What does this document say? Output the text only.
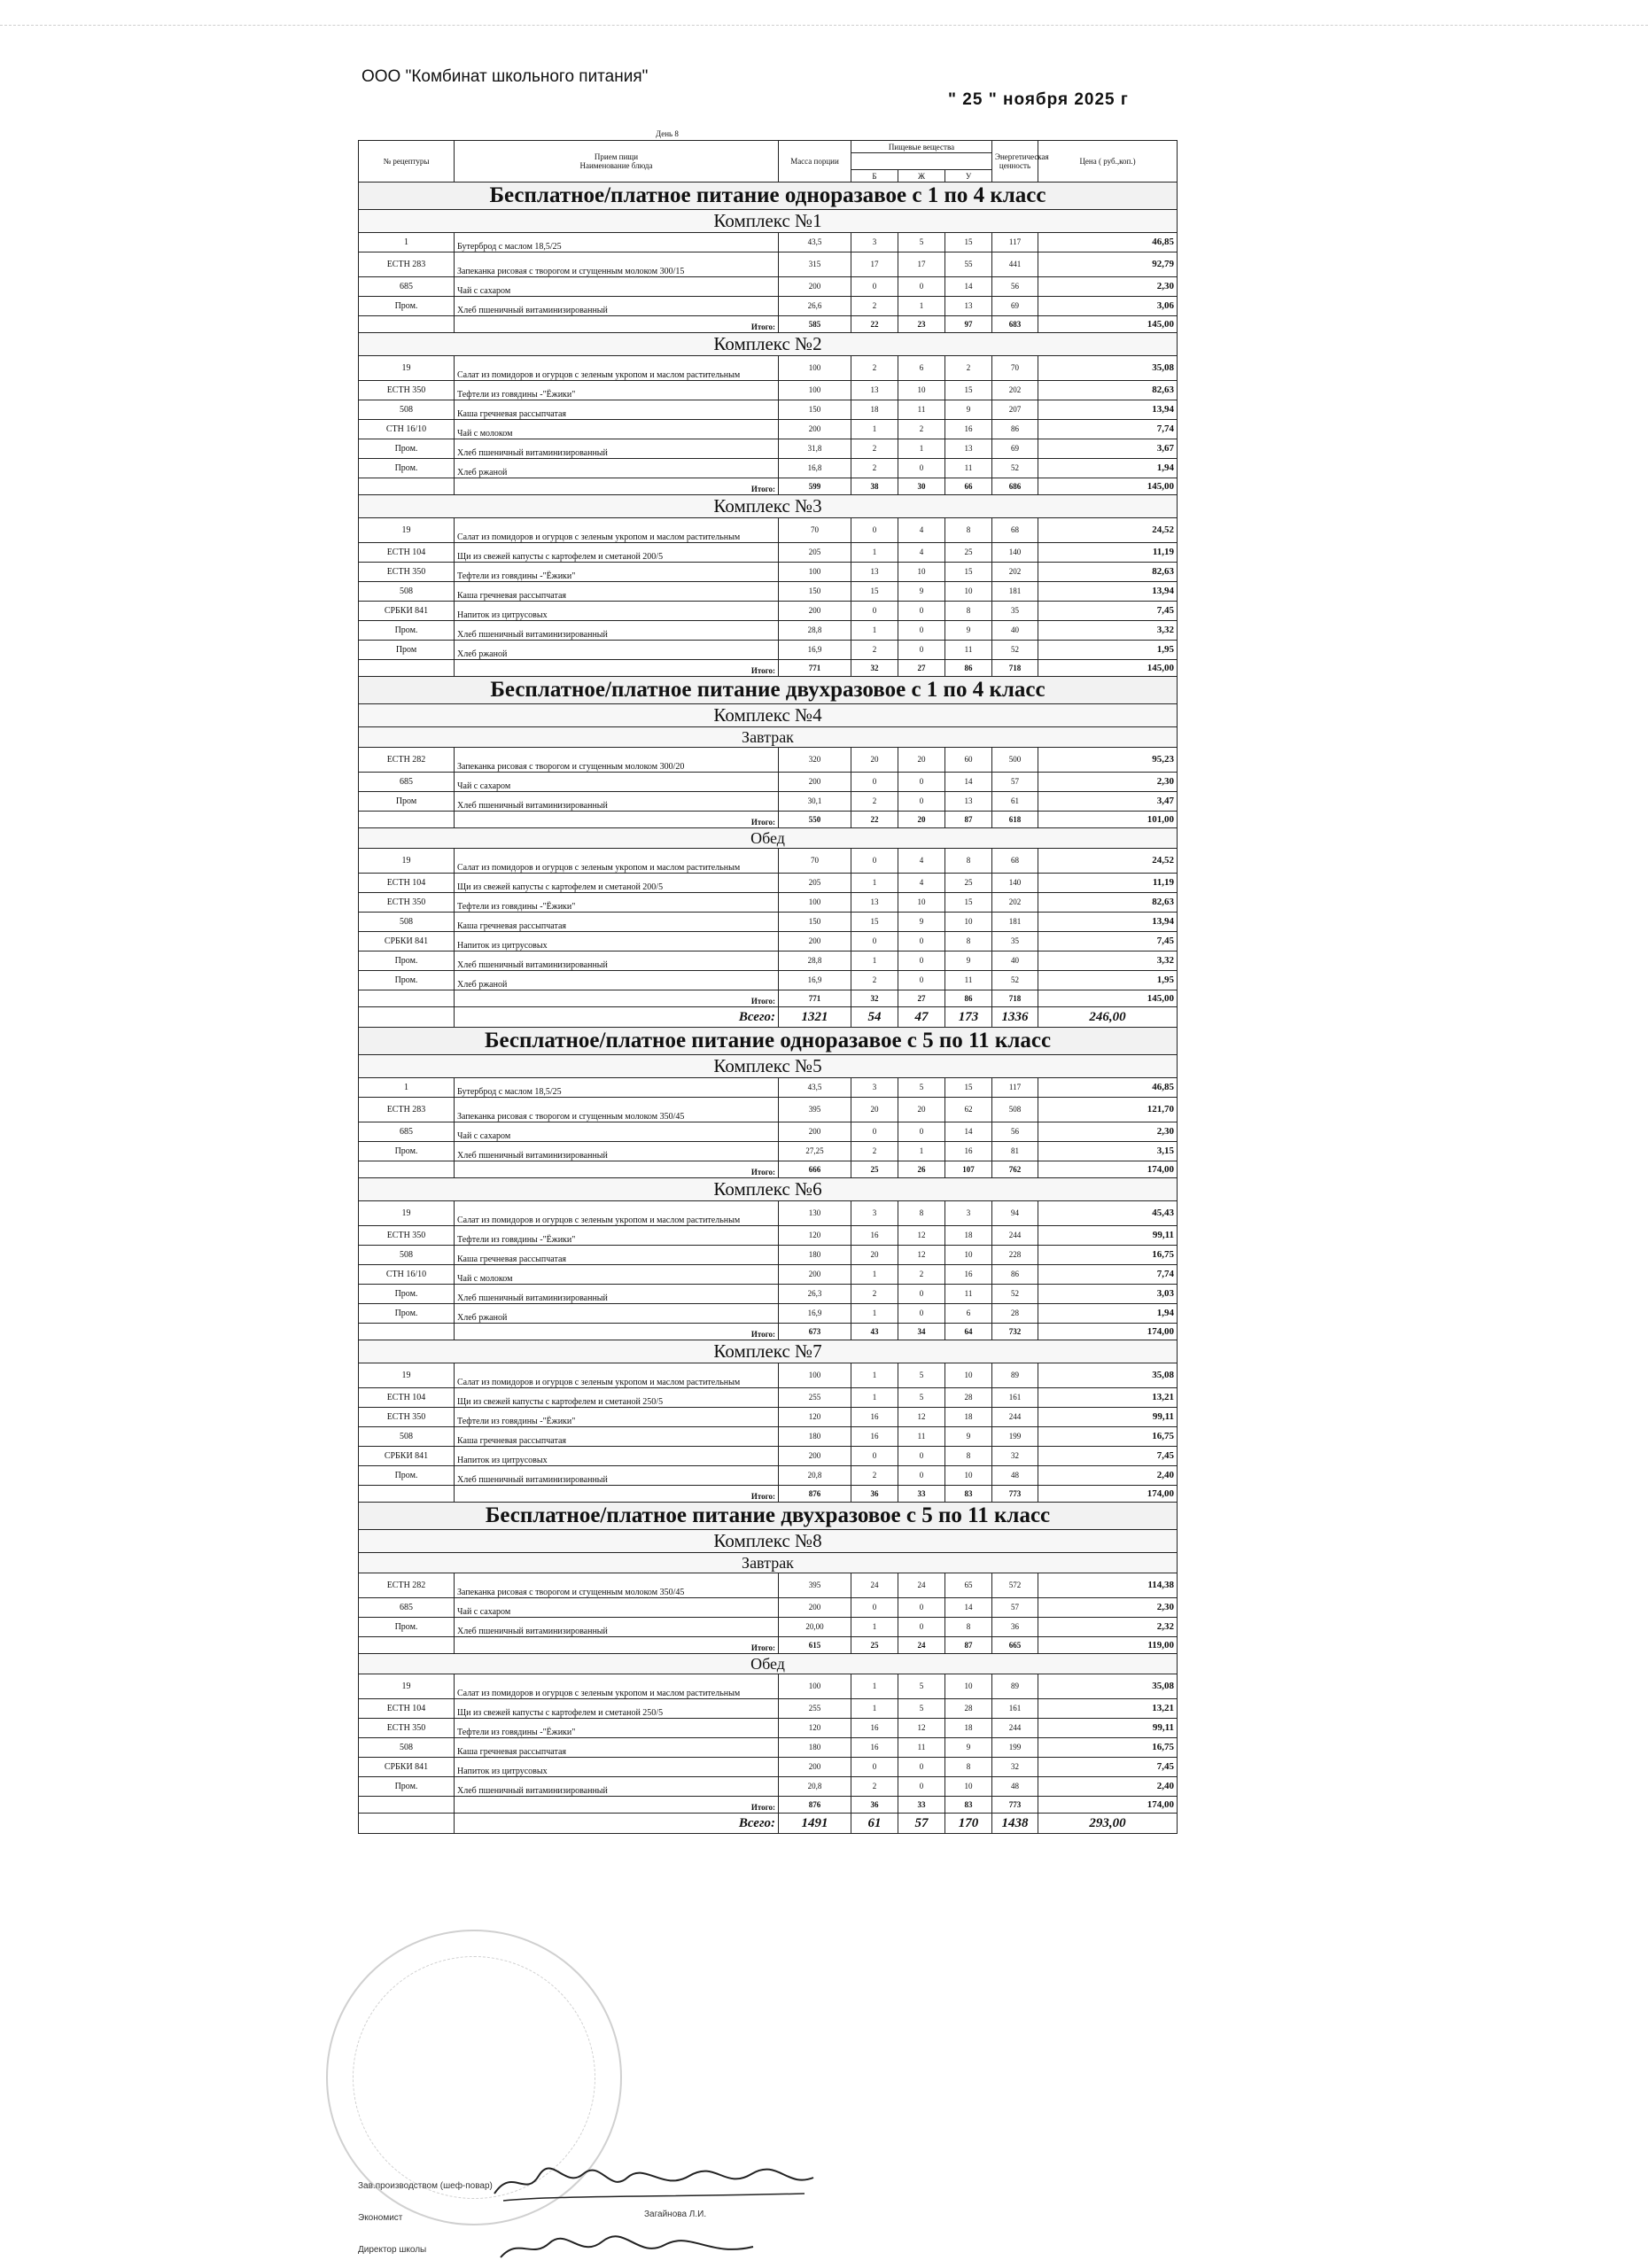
ООО "Комбинат школьного питания"
" 25 " ноября 2025 г
День 8
№ рецептуры	Прием пищи
Наименование блюда	Масса порции	Пищевые вещества			Энергетическая ценность	Цена ( руб.,коп.)

			Б	Ж	У		
Бесплатное/платное питание одноразавое с 1 по 4 класс							
Комплекс №1							
1	Бутерброд с маслом 18,5/25	43,5	3	5	15	117	46,85
ЕСТН 283	Запеканка рисовая с творогом и сгущенным молоком 300/15	315	17	17	55	441	92,79
685	Чай с сахаром	200	0	0	14	56	2,30
Пром.	Хлеб пшеничный витаминизированный	26,6	2	1	13	69	3,06
	Итого:	585	22	23	97	683	145,00
Комплекс №2							
19	Салат из помидоров и огурцов с зеленым укропом и маслом растительным	100	2	6	2	70	35,08
ЕСТН 350	Тефтели из говядины -"Ёжики"	100	13	10	15	202	82,63
508	Каша гречневая рассыпчатая	150	18	11	9	207	13,94
СТН 16/10	Чай с молоком	200	1	2	16	86	7,74
Пром.	Хлеб пшеничный витаминизированный	31,8	2	1	13	69	3,67
Пром.	Хлеб ржаной	16,8	2	0	11	52	1,94
	Итого:	599	38	30	66	686	145,00
Комплекс №3							
19	Салат из помидоров и огурцов с зеленым укропом и маслом растительным	70	0	4	8	68	24,52
ЕСТН 104	Щи из свежей капусты с картофелем и сметаной 200/5	205	1	4	25	140	11,19
ЕСТН 350	Тефтели из говядины -"Ёжики"	100	13	10	15	202	82,63
508	Каша гречневая рассыпчатая	150	15	9	10	181	13,94
СРБКИ 841	Напиток из цитрусовых	200	0	0	8	35	7,45
Пром.	Хлеб пшеничный витаминизированный	28,8	1	0	9	40	3,32
Пром	Хлеб ржаной	16,9	2	0	11	52	1,95
	Итого:	771	32	27	86	718	145,00
Бесплатное/платное питание двухразовое с 1 по 4 класс							
Комплекс №4							
Завтрак							
ЕСТН 282	Запеканка рисовая с творогом и сгущенным молоком 300/20	320	20	20	60	500	95,23
685	Чай с сахаром	200	0	0	14	57	2,30
Пром	Хлеб пшеничный витаминизированный	30,1	2	0	13	61	3,47
	Итого:	550	22	20	87	618	101,00
Обед							
19	Салат из помидоров и огурцов с зеленым укропом и маслом растительным	70	0	4	8	68	24,52
ЕСТН 104	Щи из свежей капусты с картофелем и сметаной 200/5	205	1	4	25	140	11,19
ЕСТН 350	Тефтели из говядины -"Ёжики"	100	13	10	15	202	82,63
508	Каша гречневая рассыпчатая	150	15	9	10	181	13,94
СРБКИ 841	Напиток из цитрусовых	200	0	0	8	35	7,45
Пром.	Хлеб пшеничный витаминизированный	28,8	1	0	9	40	3,32
Пром.	Хлеб ржаной	16,9	2	0	11	52	1,95
	Итого:	771	32	27	86	718	145,00
	Всего:	1321	54	47	173	1336	246,00
Бесплатное/платное питание одноразавое с 5 по 11 класс							
Комплекс №5							
1	Бутерброд с маслом 18,5/25	43,5	3	5	15	117	46,85
ЕСТН 283	Запеканка рисовая с творогом и сгущенным молоком 350/45	395	20	20	62	508	121,70
685	Чай с сахаром	200	0	0	14	56	2,30
Пром.	Хлеб пшеничный витаминизированный	27,25	2	1	16	81	3,15
	Итого:	666	25	26	107	762	174,00
Комплекс №6							
19	Салат из помидоров и огурцов с зеленым укропом и маслом растительным	130	3	8	3	94	45,43
ЕСТН 350	Тефтели из говядины -"Ёжики"	120	16	12	18	244	99,11
508	Каша гречневая рассыпчатая	180	20	12	10	228	16,75
СТН 16/10	Чай с молоком	200	1	2	16	86	7,74
Пром.	Хлеб пшеничный витаминизированный	26,3	2	0	11	52	3,03
Пром.	Хлеб ржаной	16,9	1	0	6	28	1,94
	Итого:	673	43	34	64	732	174,00
Комплекс №7							
19	Салат из помидоров и огурцов с зеленым укропом и маслом растительным	100	1	5	10	89	35,08
ЕСТН 104	Щи из свежей капусты с картофелем и сметаной 250/5	255	1	5	28	161	13,21
ЕСТН 350	Тефтели из говядины -"Ёжики"	120	16	12	18	244	99,11
508	Каша гречневая рассыпчатая	180	16	11	9	199	16,75
СРБКИ 841	Напиток из цитрусовых	200	0	0	8	32	7,45
Пром.	Хлеб пшеничный витаминизированный	20,8	2	0	10	48	2,40
	Итого:	876	36	33	83	773	174,00
Бесплатное/платное питание двухразовое с 5 по 11 класс							
Комплекс №8							
Завтрак							
ЕСТН 282	Запеканка рисовая с творогом и сгущенным молоком 350/45	395	24	24	65	572	114,38
685	Чай с сахаром	200	0	0	14	57	2,30
Пром.	Хлеб пшеничный витаминизированный	20,00	1	0	8	36	2,32
	Итого:	615	25	24	87	665	119,00
Обед							
19	Салат из помидоров и огурцов с зеленым укропом и маслом растительным	100	1	5	10	89	35,08
ЕСТН 104	Щи из свежей капусты с картофелем и сметаной 250/5	255	1	5	28	161	13,21
ЕСТН 350	Тефтели из говядины -"Ёжики"	120	16	12	18	244	99,11
508	Каша гречневая рассыпчатая	180	16	11	9	199	16,75
СРБКИ 841	Напиток из цитрусовых	200	0	0	8	32	7,45
Пром.	Хлеб пшеничный витаминизированный	20,8	2	0	10	48	2,40
	Итого:	876	36	33	83	773	174,00
	Всего:	1491	61	57	170	1438	293,00
Зав.производством (шеф-повар)
Экономист	Загайнова Л.И.
Директор школы
